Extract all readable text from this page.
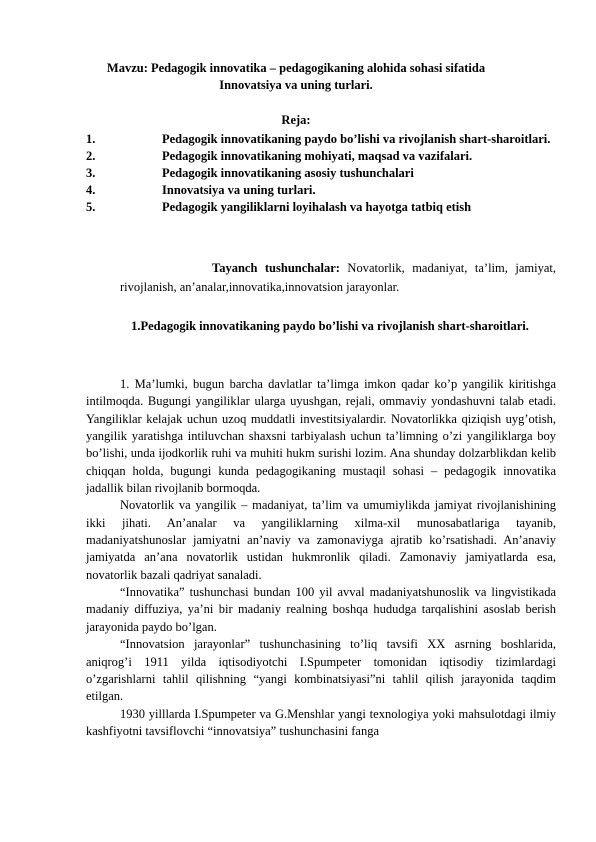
Mavzu: Pedagogik innovatika – pedagogikaning alohida sohasi sifatida
Innovatsiya va uning turlari.
Reja:
1.	Pedagogik innovatikaning paydo bo’lishi va rivojlanish shart-sharoitlari.
2.	Pedagogik innovatikaning mohiyati, maqsad va vazifalari.
3.	Pedagogik innovatikaning asosiy tushunchalari
4.	Innovatsiya va uning turlari.
5.	Pedagogik yangiliklarni loyihalash va hayotga tatbiq etish

Tayanch tushunchalar: Novatorlik, madaniyat, ta’lim, jamiyat, rivojlanish, an’analar,innovatika,innovatsion jarayonlar.

1.Pedagogik innovatikaning paydo bo’lishi va rivojlanish shart-sharoitlari.

1. Ma’lumki, bugun barcha davlatlar ta’limga imkon qadar ko’p yangilik kiritishga intilmoqda. Bugungi yangiliklar ularga uyushgan, rejali, ommaviy yondashuvni talab etadi. Yangiliklar kelajak uchun uzoq muddatli investitsiyalardir. Novatorlikka qiziqish uyg’otish, yangilik yaratishga intiluvchan shaxsni tarbiyalash uchun ta’limning o’zi yangiliklarga boy bo’lishi, unda ijodkorlik ruhi va muhiti hukm surishi lozim. Ana shunday dolzarblikdan kelib chiqqan holda, bugungi kunda pedagogikaning mustaqil sohasi – pedagogik innovatika jadallik bilan rivojlanib bormoqda.

Novatorlik va yangilik – madaniyat, ta’lim va umumiylikda jamiyat rivojlanishining ikki jihati. An’analar va yangiliklarning xilma-xil munosabatlariga tayanib, madaniyatshunoslar jamiyatni an’naviy va zamonaviyga ajratib ko’rsatishadi. An’anaviy jamiyatda an’ana novatorlik ustidan hukmronlik qiladi. Zamonaviy jamiyatlarda esa, novatorlik bazali qadriyat sanaladi.

“Innovatika” tushunchasi bundan 100 yil avval madaniyatshunoslik va lingvistikada madaniy diffuziya, ya’ni bir madaniy realning boshqa hududga tarqalishini asoslab berish jarayonida paydo bo’lgan.

“Innovatsion jarayonlar” tushunchasining to’liq tavsifi XX asrning boshlarida, aniqrog’i 1911 yilda iqtisodiyotchi I.Spumpeter tomonidan iqtisodiy tizimlardagi o’zgarishlarni tahlil qilishning “yangi kombinatsiyasi”ni tahlil qilish jarayonida taqdim etilgan.

1930 yilllarda I.Spumpeter va G.Menshlar yangi texnologiya yoki mahsulotdagi ilmiy kashfiyotni tavsiflovchi “innovatsiya” tushunchasini fanga
